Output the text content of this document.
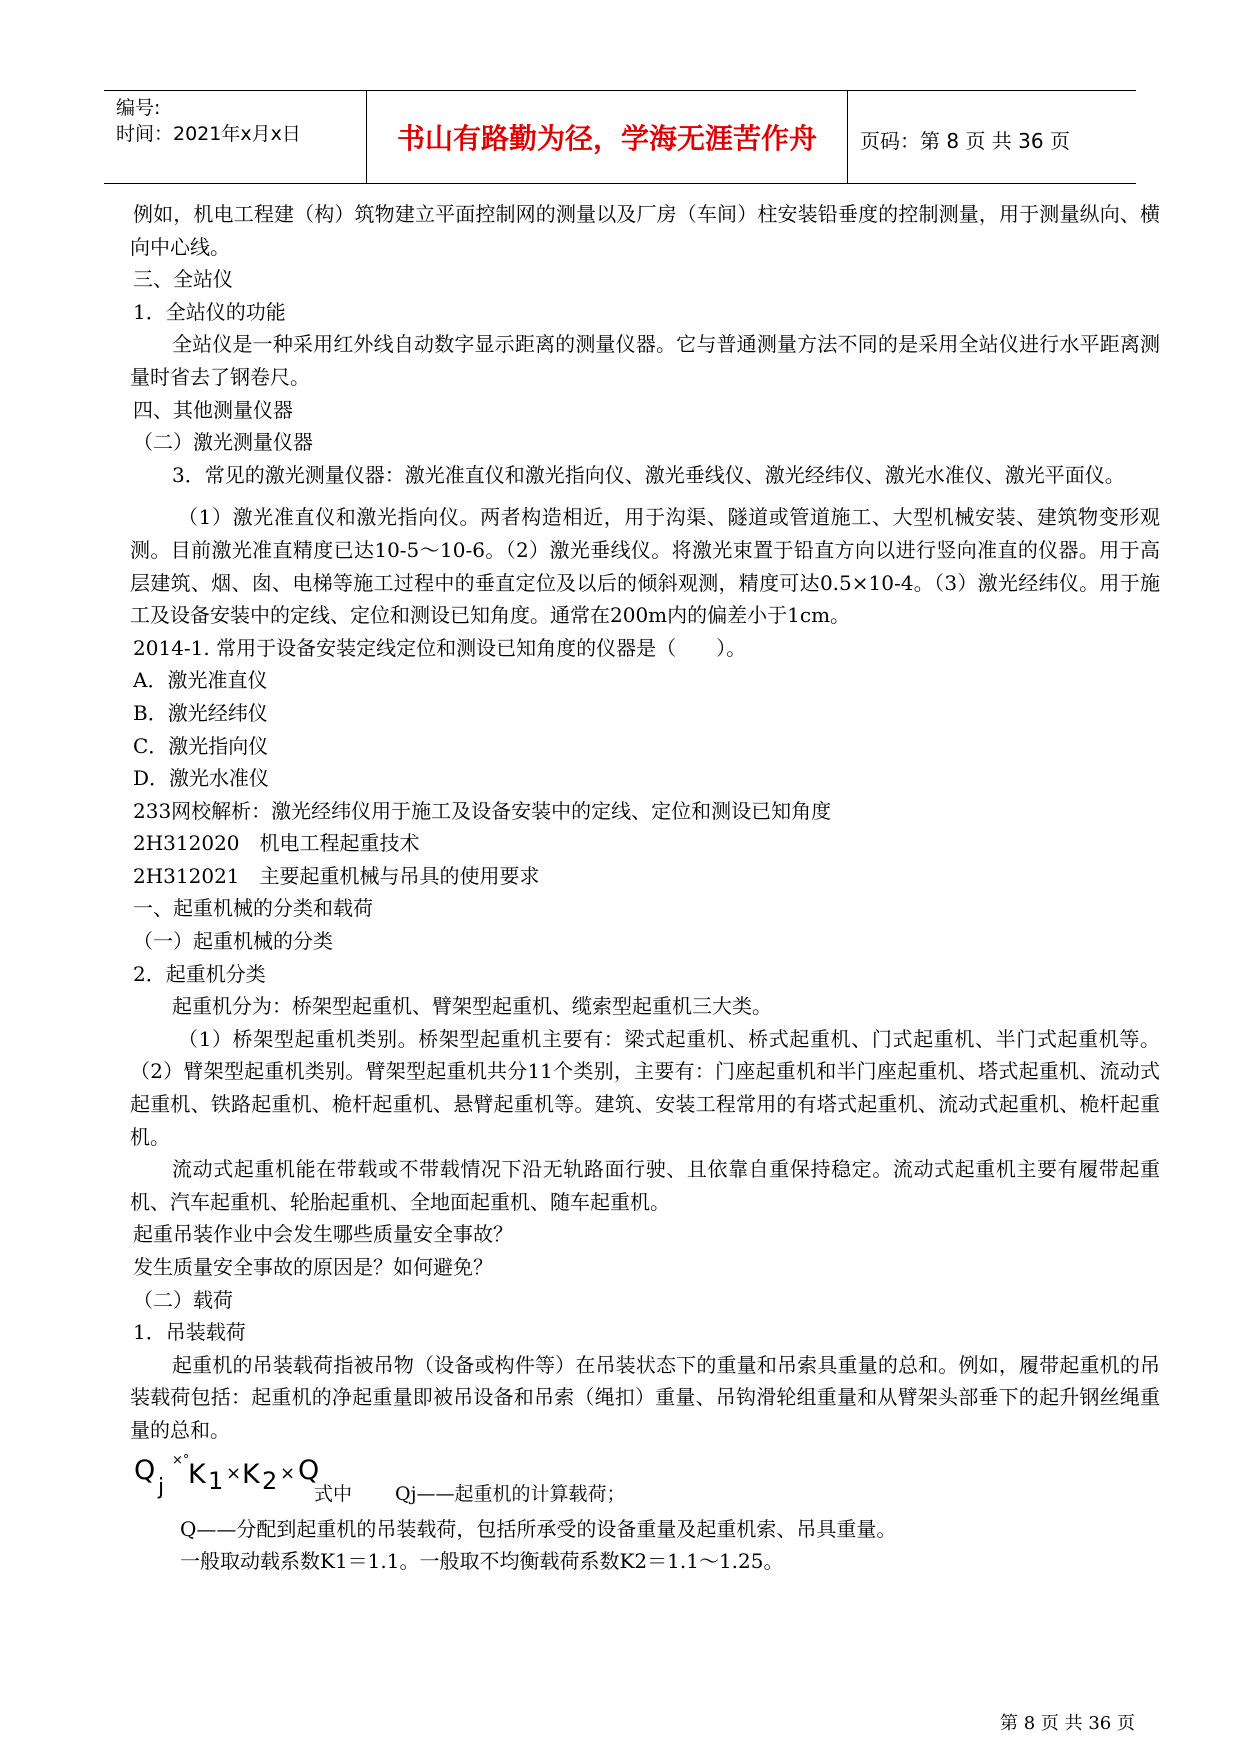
编号:
时间：2021年x月x日	书山有路勤为径，学海无涯苦作舟	页码：第 8 页 共 36 页

例如，机电工程建（构）筑物建立平面控制网的测量以及厂房（车间）柱安装铅垂度的控制测量，用于测量纵向、横向中心线。

三、全站仪

1．全站仪的功能

全站仪是一种采用红外线自动数字显示距离的测量仪器。它与普通测量方法不同的是采用全站仪进行水平距离测量时省去了钢卷尺。

四、其他测量仪器

（二）激光测量仪器

3．常见的激光测量仪器：激光准直仪和激光指向仪、激光垂线仪、激光经纬仪、激光水准仪、激光平面仪。

（1）激光准直仪和激光指向仪。两者构造相近，用于沟渠、隧道或管道施工、大型机械安装、建筑物变形观测。目前激光准直精度已达10-5～10-6。（2）激光垂线仪。将激光束置于铅直方向以进行竖向准直的仪器。用于高层建筑、烟、囱、电梯等施工过程中的垂直定位及以后的倾斜观测，精度可达0.5×10-4。（3）激光经纬仪。用于施工及设备安装中的定线、定位和测设已知角度。通常在200m内的偏差小于1cm。

2014-1. 常用于设备安装定线定位和测设已知角度的仪器是（　　）。

A．激光准直仪

B．激光经纬仪

C．激光指向仪

D．激光水准仪

233网校解析：激光经纬仪用于施工及设备安装中的定线、定位和测设已知角度

2H312020　机电工程起重技术

2H312021　主要起重机械与吊具的使用要求

一、起重机械的分类和载荷

（一）起重机械的分类

2．起重机分类

起重机分为：桥架型起重机、臂架型起重机、缆索型起重机三大类。

（1）桥架型起重机类别。桥架型起重机主要有：梁式起重机、桥式起重机、门式起重机、半门式起重机等。（2）臂架型起重机类别。臂架型起重机共分11个类别，主要有：门座起重机和半门座起重机、塔式起重机、流动式起重机、铁路起重机、桅杆起重机、悬臂起重机等。建筑、安装工程常用的有塔式起重机、流动式起重机、桅杆起重机。

流动式起重机能在带载或不带载情况下沿无轨路面行驶、且依靠自重保持稳定。流动式起重机主要有履带起重机、汽车起重机、轮胎起重机、全地面起重机、随车起重机。

起重吊装作业中会发生哪些质量安全事故？

发生质量安全事故的原因是？如何避免？

（二）载荷

1．吊装载荷

起重机的吊装载荷指被吊物（设备或构件等）在吊装状态下的重量和吊索具重量的总和。例如，履带起重机的吊装载荷包括：起重机的净起重量即被吊设备和吊索（绳扣）重量、吊钩滑轮组重量和从臂架头部垂下的起升钢丝绳重量的总和。

Q
j
×°
K 1 × K 2 × Q
式中 Qj——起重机的计算载荷；

Q——分配到起重机的吊装载荷，包括所承受的设备重量及起重机索、吊具重量。

一般取动载系数K1＝1.1。一般取不均衡载荷系数K2＝1.1～1.25。

第 8 页 共 36 页
